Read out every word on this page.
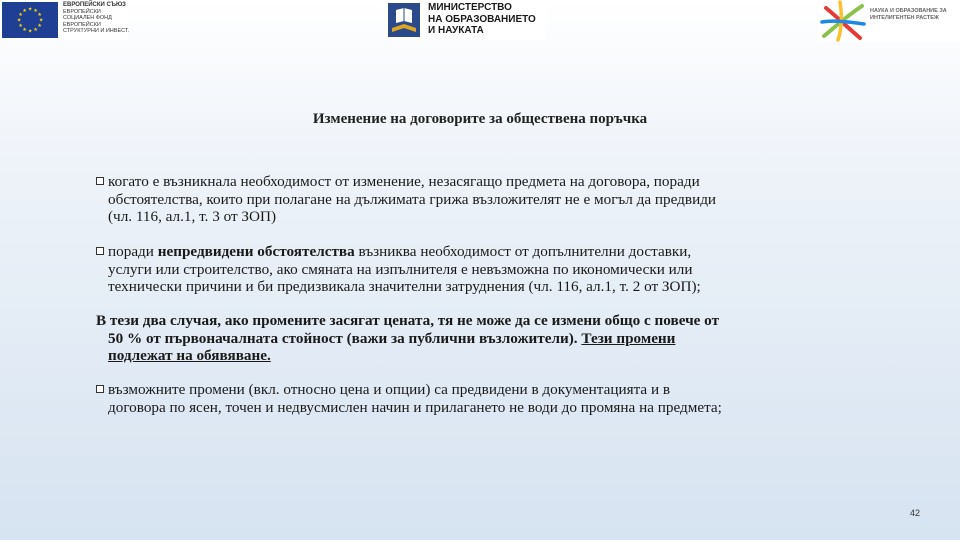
★ ★
★
★
★
★
★
★
★
★
★
★
ЕВРОПЕЙСКИ СЪЮЗ
ЕВРОПЕЙСКИ
СОЦИАЛЕН ФОНД
ЕВРОПЕЙСКИ
СТРУКТУРНИ И ИНВЕСТ.
МИНИСТЕРСТВО
НА ОБРАЗОВАНИЕТО
И НАУКАТА
НАУКА И ОБРАЗОВАНИЕ ЗА
ИНТЕЛИГЕНТЕН РАСТЕЖ
Изменение на договорите за обществена поръчка
когато е възникнала необходимост от изменение, незасягащо предмета на договора, поради
обстоятелства, които при полагане на дължимата грижа възложителят не е могъл да предвиди
(чл. 116, ал.1, т. 3 от ЗОП)
поради непредвидени обстоятелства възниква необходимост от допълнителни доставки,
услуги или строителство, ако смяната на изпълнителя е невъзможна по икономически или
технически причини и би предизвикала значителни затруднения (чл. 116, ал.1, т. 2 от ЗОП);
В тези два случая, ако промените засягат цената, тя не може да се измени общо с повече от
50 % от първоначалната стойност (важи за публични възложители). Тези промени
подлежат на обявяване.
възможните промени (вкл. относно цена и опции) са предвидени в документацията и в
договора по ясен, точен и недвусмислен начин и прилагането не води до промяна на предмета;
42
